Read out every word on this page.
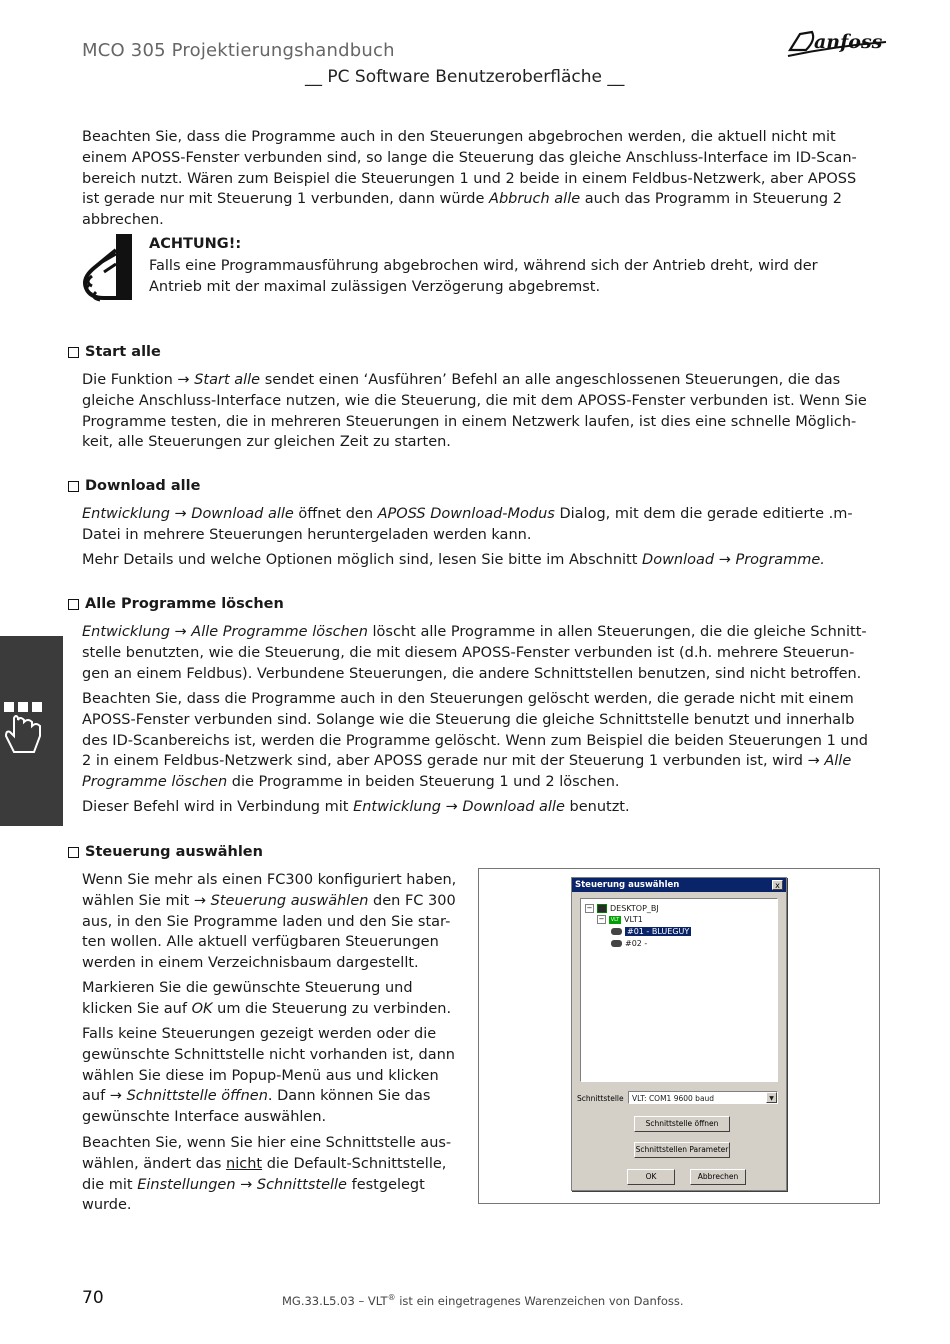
MCO 305 Projektierungshandbuch
__ PC Software Benutzeroberfläche __
anfoss

Beachten Sie, dass die Programme auch in den Steuerungen abgebrochen werden, die aktuell nicht mit einem APOSS-Fenster verbunden sind, so lange die Steuerung das gleiche Anschluss-Interface im ID-Scan-bereich nutzt. Wären zum Beispiel die Steuerungen 1 und 2 beide in einem Feldbus-Netzwerk, aber APOSS ist gerade nur mit Steuerung 1 verbunden, dann würde Abbruch alle auch das Programm in Steuerung 2 abbrechen.

ACHTUNG!:
Falls eine Programmausführung abgebrochen wird, während sich der Antrieb dreht, wird der Antrieb mit der maximal zulässigen Verzögerung abgebremst.
Start alle

Die Funktion → Start alle sendet einen ‘Ausführen’ Befehl an alle angeschlossenen Steuerungen, die das gleiche Anschluss-Interface nutzen, wie die Steuerung, die mit dem APOSS-Fenster verbunden ist. Wenn Sie Programme testen, die in mehreren Steuerungen in einem Netzwerk laufen, ist dies eine schnelle Möglich-keit, alle Steuerungen zur gleichen Zeit zu starten.

Download alle

Entwicklung → Download alle öffnet den APOSS Download-Modus Dialog, mit dem die gerade editierte .m-Datei in mehrere Steuerungen heruntergeladen werden kann.

Mehr Details und welche Optionen möglich sind, lesen Sie bitte im Abschnitt Download → Programme.

Alle Programme löschen

Entwicklung → Alle Programme löschen löscht alle Programme in allen Steuerungen, die die gleiche Schnitt-stelle benutzten, wie die Steuerung, die mit diesem APOSS-Fenster verbunden ist (d.h. mehrere Steuerun-gen an einem Feldbus). Verbundene Steuerungen, die andere Schnittstellen benutzen, sind nicht betroffen.

Beachten Sie, dass die Programme auch in den Steuerungen gelöscht werden, die gerade nicht mit einem APOSS-Fenster verbunden sind. Solange wie die Steuerung die gleiche Schnittstelle benutzt und innerhalb des ID-Scanbereichs ist, werden die Programme gelöscht. Wenn zum Beispiel die beiden Steuerungen 1 und 2 in einem Feldbus-Netzwerk sind, aber APOSS gerade nur mit der Steuerung 1 verbunden ist, wird → Alle Programme löschen die Programme in beiden Steuerung 1 und 2 löschen.

Dieser Befehl wird in Verbindung mit Entwicklung → Download alle benutzt.

Steuerung auswählen

Wenn Sie mehr als einen FC300 konfiguriert haben, wählen Sie mit → Steuerung auswählen den FC 300 aus, in den Sie Programme laden und den Sie star-ten wollen. Alle aktuell verfügbaren Steuerungen werden in einem Verzeichnisbaum dargestellt.

Markieren Sie die gewünschte Steuerung und klicken Sie auf OK um die Steuerung zu verbinden.

Falls keine Steuerungen gezeigt werden oder die gewünschte Schnittstelle nicht vorhanden ist, dann wählen Sie diese im Popup-Menü aus und klicken auf → Schnittstelle öffnen. Dann können Sie das gewünschte Interface auswählen.

Beachten Sie, wenn Sie hier eine Schnittstelle aus-wählen, ändert das nicht die Default-Schnittstelle, die mit Einstellungen → Schnittstelle festgelegt wurde.

Steuerung auswählen	x
− DESKTOP_BJ
−	VLT VLT1
#01 - BLUEGUY
#02 -
Schnittstelle	VLT: COM1 9600 baud	▼
Schnittstelle öffnen
Schnittstellen Parameter
OK	Abbrechen
70	MG.33.L5.03 – VLT® ist ein eingetragenes Warenzeichen von Danfoss.
